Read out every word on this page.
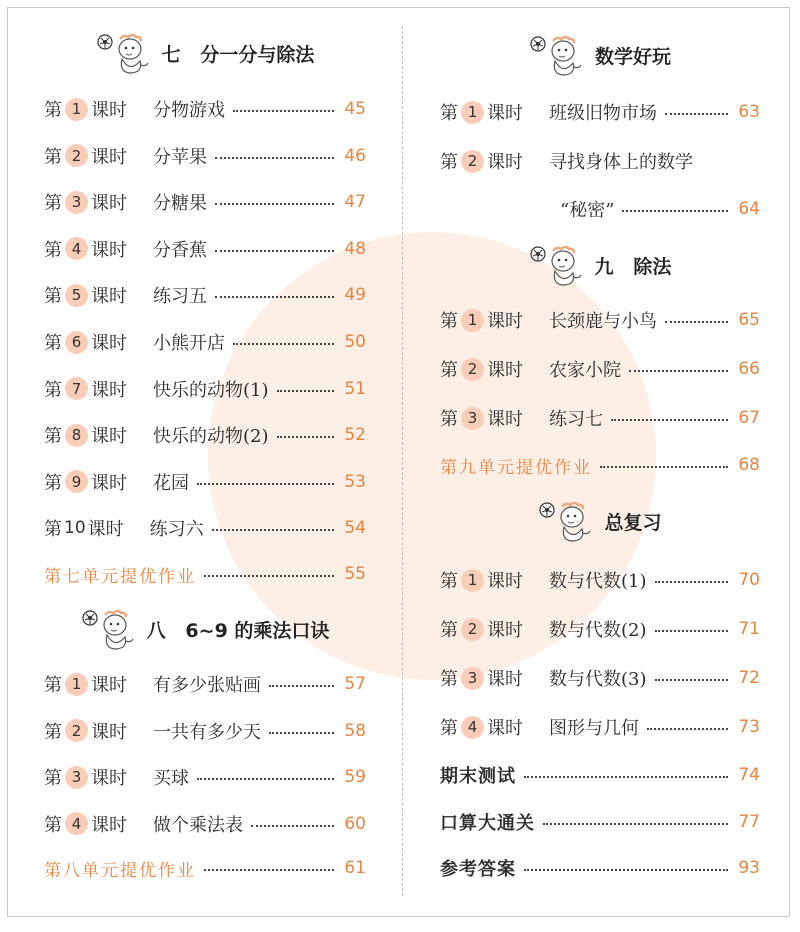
七   分一分与除法
第 1 课时 分物游戏	45
第 2 课时 分苹果	46
第 3 课时 分糖果	47
第 4 课时 分香蕉	48
第 5 课时 练习五	49
第 6 课时 小熊开店	50
第 7 课时 快乐的动物(1)	51
第 8 课时 快乐的动物(2)	52
第 9 课时 花园	53
第 10 课时 练习六	54
第七单元提优作业	55
八   6~9 的乘法口诀
第 1 课时 有多少张贴画	57
第 2 课时 一共有多少天	58
第 3 课时 买球	59
第 4 课时 做个乘法表	60
第八单元提优作业	61
数学好玩
第 1 课时 班级旧物市场	63
第 2 课时 寻找身体上的数学
“秘密”	64
九   除法
第 1 课时 长颈鹿与小鸟	65
第 2 课时 农家小院	66
第 3 课时 练习七	67
第九单元提优作业	68
总复习
第 1 课时 数与代数(1)	70
第 2 课时 数与代数(2)	71
第 3 课时 数与代数(3)	72
第 4 课时 图形与几何	73
期末测试	74
口算大通关	77
参考答案	93
